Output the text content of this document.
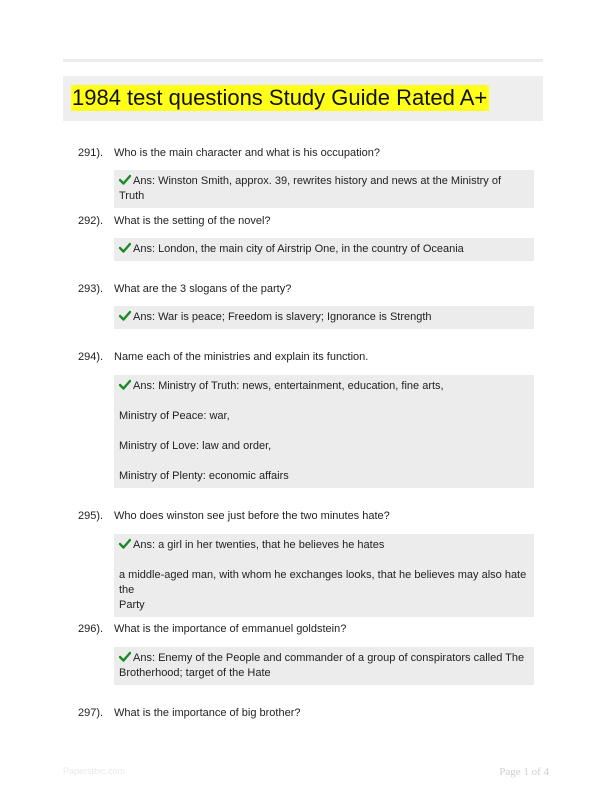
1984 test questions Study Guide Rated A+
291). Who is the main character and what is his occupation?

Ans: Winston Smith, approx. 39, rewrites history and news at the Ministry of Truth

292). What is the setting of the novel?

Ans: London, the main city of Airstrip One, in the country of Oceania

293). What are the 3 slogans of the party?

Ans: War is peace; Freedom is slavery; Ignorance is Strength

294). Name each of the ministries and explain its function.

Ans: Ministry of Truth: news, entertainment, education, fine arts,

Ministry of Peace: war,

Ministry of Love: law and order,

Ministry of Plenty: economic affairs

295). Who does winston see just before the two minutes hate?

Ans: a girl in her twenties, that he believes he hates

a middle-aged man, with whom he exchanges looks, that he believes may also hate the

Party

296). What is the importance of emmanuel goldstein?

Ans: Enemy of the People and commander of a group of conspirators called The

Brotherhood; target of the Hate

297). What is the importance of big brother?
Paperstbic.com	Page 1 of 4
